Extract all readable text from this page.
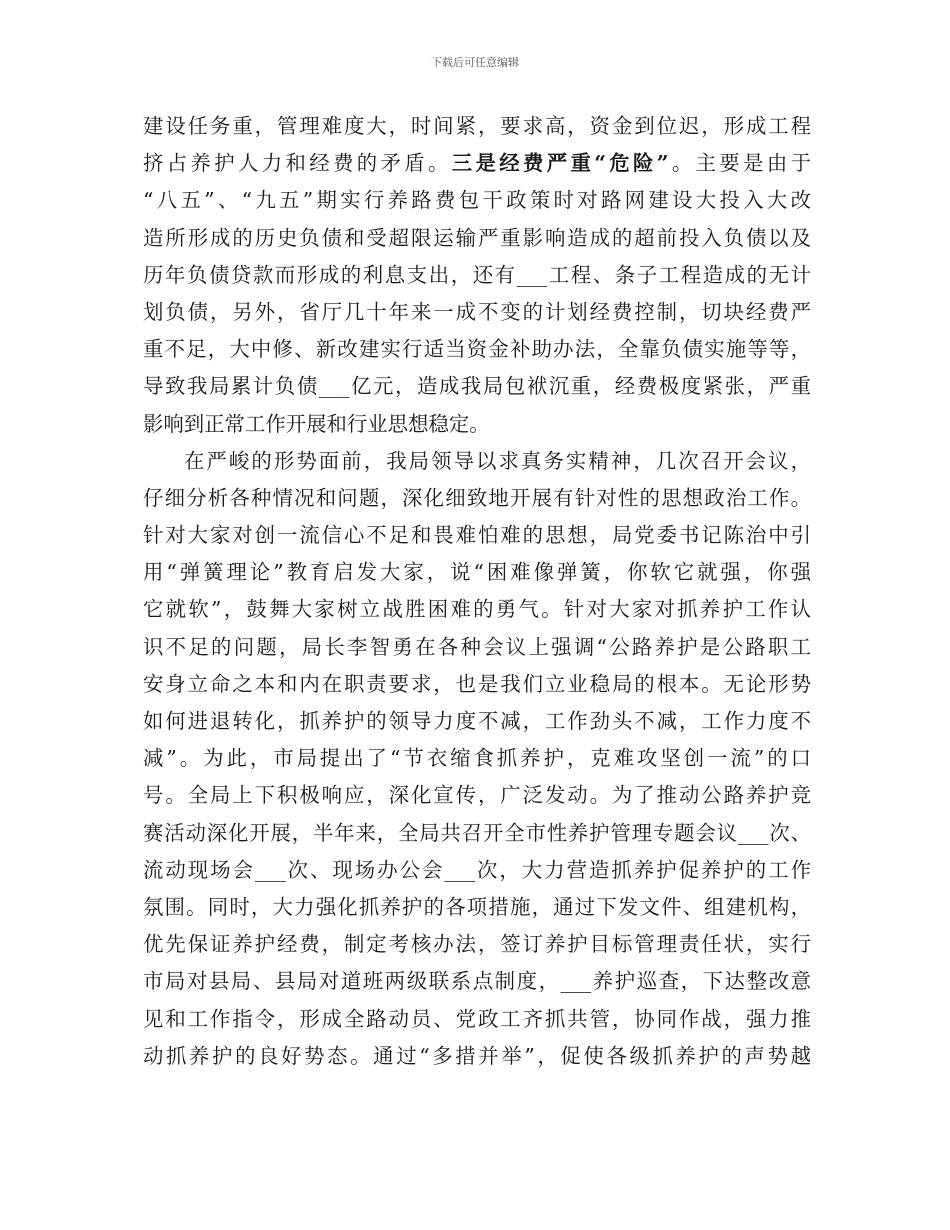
下载后可任意编辑
建设任务重，管理难度大，时间紧，要求高，资金到位迟，形成工程
挤占养护人力和经费的矛盾。三是经费严重“危险”。主要是由于
“八五”、“九五”期实行养路费包干政策时对路网建设大投入大改
造所形成的历史负债和受超限运输严重影响造成的超前投入负债以及
历年负债贷款而形成的利息支出，还有___工程、条子工程造成的无计
划负债，另外，省厅几十年来一成不变的计划经费控制，切块经费严
重不足，大中修、新改建实行适当资金补助办法，全靠负债实施等等，
导致我局累计负债___亿元，造成我局包袱沉重，经费极度紧张，严重
影响到正常工作开展和行业思想稳定。
在严峻的形势面前，我局领导以求真务实精神，几次召开会议，
仔细分析各种情况和问题，深化细致地开展有针对性的思想政治工作。
针对大家对创一流信心不足和畏难怕难的思想，局党委书记陈治中引
用“弹簧理论”教育启发大家，说“困难像弹簧，你软它就强，你强
它就软”，鼓舞大家树立战胜困难的勇气。针对大家对抓养护工作认
识不足的问题，局长李智勇在各种会议上强调“公路养护是公路职工
安身立命之本和内在职责要求，也是我们立业稳局的根本。无论形势
如何进退转化，抓养护的领导力度不减，工作劲头不减，工作力度不
减”。为此，市局提出了“节衣缩食抓养护，克难攻坚创一流”的口
号。全局上下积极响应，深化宣传，广泛发动。为了推动公路养护竞
赛活动深化开展，半年来，全局共召开全市性养护管理专题会议___次、
流动现场会___次、现场办公会___次，大力营造抓养护促养护的工作
氛围。同时，大力强化抓养护的各项措施，通过下发文件、组建机构，
优先保证养护经费，制定考核办法，签订养护目标管理责任状，实行
市局对县局、县局对道班两级联系点制度，___养护巡查，下达整改意
见和工作指令，形成全路动员、党政工齐抓共管，协同作战，强力推
动抓养护的良好势态。通过“多措并举”，促使各级抓养护的声势越
